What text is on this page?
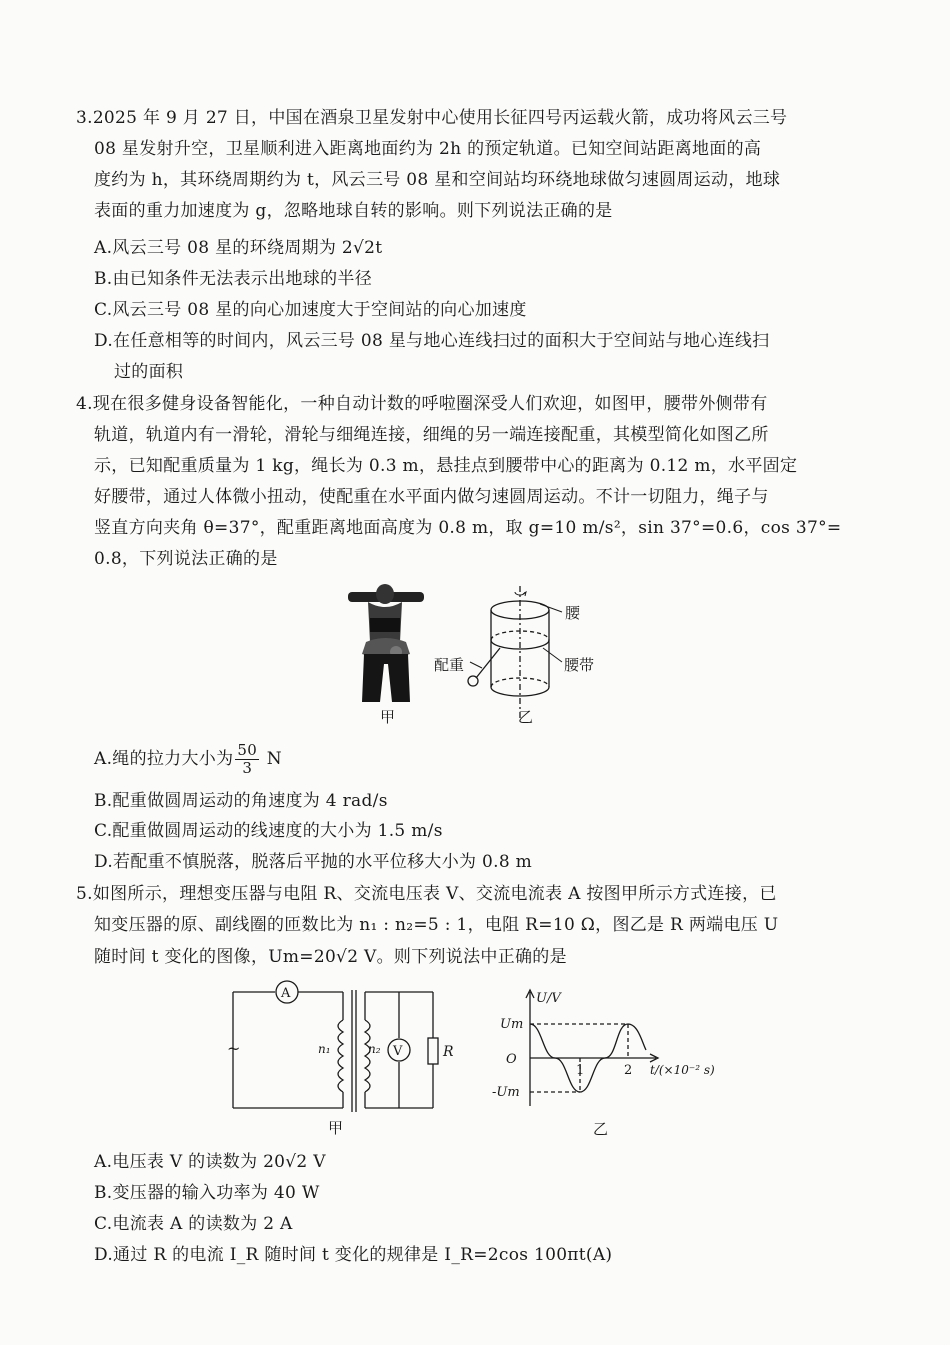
3.2025 年 9 月 27 日，中国在酒泉卫星发射中心使用长征四号丙运载火箭，成功将风云三号
08 星发射升空，卫星顺利进入距离地面约为 2h 的预定轨道。已知空间站距离地面的高
度约为 h，其环绕周期约为 t，风云三号 08 星和空间站均环绕地球做匀速圆周运动，地球
表面的重力加速度为 g，忽略地球自转的影响。则下列说法正确的是
A.风云三号 08 星的环绕周期为 2√2t
B.由已知条件无法表示出地球的半径
C.风云三号 08 星的向心加速度大于空间站的向心加速度
D.在任意相等的时间内，风云三号 08 星与地心连线扫过的面积大于空间站与地心连线扫
过的面积
4.现在很多健身设备智能化，一种自动计数的呼啦圈深受人们欢迎，如图甲，腰带外侧带有
轨道，轨道内有一滑轮，滑轮与细绳连接，细绳的另一端连接配重，其模型简化如图乙所
示，已知配重质量为 1 kg，绳长为 0.3 m，悬挂点到腰带中心的距离为 0.12 m，水平固定
好腰带，通过人体微小扭动，使配重在水平面内做匀速圆周运动。不计一切阻力，绳子与
竖直方向夹角 θ=37°，配重距离地面高度为 0.8 m，取 g=10 m/s²，sin 37°=0.6，cos 37°=
0.8，下列说法正确的是
甲
腰
腰带
配重
乙
A.绳的拉力大小为 $\frac{50}{3}$ N
B.配重做圆周运动的角速度为 4 rad/s
C.配重做圆周运动的线速度的大小为 1.5 m/s
D.若配重不慎脱落，脱落后平抛的水平位移大小为 0.8 m
5.如图所示，理想变压器与电阻 R、交流电压表 V、交流电流表 A 按图甲所示方式连接，已
知变压器的原、副线圈的匝数比为 n₁ : n₂=5 : 1，电阻 R=10 Ω，图乙是 R 两端电压 U
随时间 t 变化的图像，Um=20√2 V。则下列说法中正确的是
A
V
n₁	n₂	R
~
甲
U/V
Um
O
-Um
1	2 t/(×10⁻² s)
乙
A.电压表 V 的读数为 20√2 V
B.变压器的输入功率为 40 W
C.电流表 A 的读数为 2 A
D.通过 R 的电流 I_R 随时间 t 变化的规律是 I_R=2cos 100πt(A)
